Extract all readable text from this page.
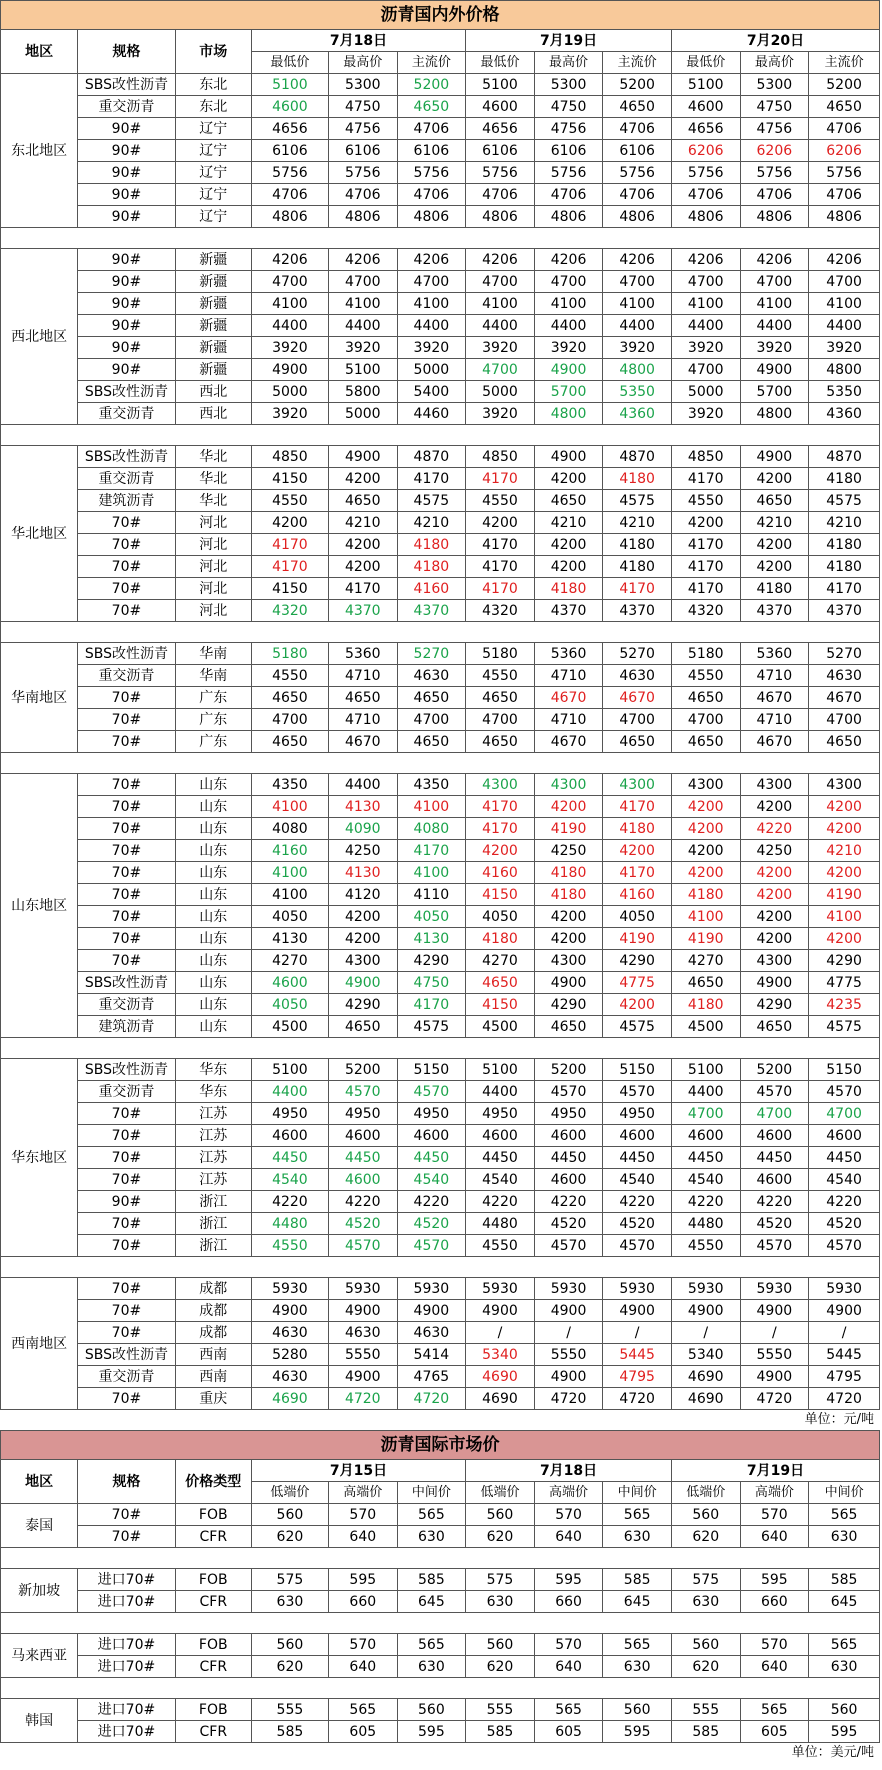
沥青国内外价格											
地区	规格	市场	7月18日			7月19日			7月20日		
			最低价	最高价	主流价	最低价	最高价	主流价	最低价	最高价	主流价
东北地区	SBS改性沥青	东北	5100	5300	5200	5100	5300	5200	5100	5300	5200
	重交沥青	东北	4600	4750	4650	4600	4750	4650	4600	4750	4650
	90#	辽宁	4656	4756	4706	4656	4756	4706	4656	4756	4706
	90#	辽宁	6106	6106	6106	6106	6106	6106	6206	6206	6206
	90#	辽宁	5756	5756	5756	5756	5756	5756	5756	5756	5756
	90#	辽宁	4706	4706	4706	4706	4706	4706	4706	4706	4706
	90#	辽宁	4806	4806	4806	4806	4806	4806	4806	4806	4806

西北地区	90#	新疆	4206	4206	4206	4206	4206	4206	4206	4206	4206
	90#	新疆	4700	4700	4700	4700	4700	4700	4700	4700	4700
	90#	新疆	4100	4100	4100	4100	4100	4100	4100	4100	4100
	90#	新疆	4400	4400	4400	4400	4400	4400	4400	4400	4400
	90#	新疆	3920	3920	3920	3920	3920	3920	3920	3920	3920
	90#	新疆	4900	5100	5000	4700	4900	4800	4700	4900	4800
	SBS改性沥青	西北	5000	5800	5400	5000	5700	5350	5000	5700	5350
	重交沥青	西北	3920	5000	4460	3920	4800	4360	3920	4800	4360

华北地区	SBS改性沥青	华北	4850	4900	4870	4850	4900	4870	4850	4900	4870
	重交沥青	华北	4150	4200	4170	4170	4200	4180	4170	4200	4180
	建筑沥青	华北	4550	4650	4575	4550	4650	4575	4550	4650	4575
	70#	河北	4200	4210	4210	4200	4210	4210	4200	4210	4210
	70#	河北	4170	4200	4180	4170	4200	4180	4170	4200	4180
	70#	河北	4170	4200	4180	4170	4200	4180	4170	4200	4180
	70#	河北	4150	4170	4160	4170	4180	4170	4170	4180	4170
	70#	河北	4320	4370	4370	4320	4370	4370	4320	4370	4370

华南地区	SBS改性沥青	华南	5180	5360	5270	5180	5360	5270	5180	5360	5270
	重交沥青	华南	4550	4710	4630	4550	4710	4630	4550	4710	4630
	70#	广东	4650	4650	4650	4650	4670	4670	4650	4670	4670
	70#	广东	4700	4710	4700	4700	4710	4700	4700	4710	4700
	70#	广东	4650	4670	4650	4650	4670	4650	4650	4670	4650

山东地区	70#	山东	4350	4400	4350	4300	4300	4300	4300	4300	4300
	70#	山东	4100	4130	4100	4170	4200	4170	4200	4200	4200
	70#	山东	4080	4090	4080	4170	4190	4180	4200	4220	4200
	70#	山东	4160	4250	4170	4200	4250	4200	4200	4250	4210
	70#	山东	4100	4130	4100	4160	4180	4170	4200	4200	4200
	70#	山东	4100	4120	4110	4150	4180	4160	4180	4200	4190
	70#	山东	4050	4200	4050	4050	4200	4050	4100	4200	4100
	70#	山东	4130	4200	4130	4180	4200	4190	4190	4200	4200
	70#	山东	4270	4300	4290	4270	4300	4290	4270	4300	4290
	SBS改性沥青	山东	4600	4900	4750	4650	4900	4775	4650	4900	4775
	重交沥青	山东	4050	4290	4170	4150	4290	4200	4180	4290	4235
	建筑沥青	山东	4500	4650	4575	4500	4650	4575	4500	4650	4575

华东地区	SBS改性沥青	华东	5100	5200	5150	5100	5200	5150	5100	5200	5150
	重交沥青	华东	4400	4570	4570	4400	4570	4570	4400	4570	4570
	70#	江苏	4950	4950	4950	4950	4950	4950	4700	4700	4700
	70#	江苏	4600	4600	4600	4600	4600	4600	4600	4600	4600
	70#	江苏	4450	4450	4450	4450	4450	4450	4450	4450	4450
	70#	江苏	4540	4600	4540	4540	4600	4540	4540	4600	4540
	90#	浙江	4220	4220	4220	4220	4220	4220	4220	4220	4220
	70#	浙江	4480	4520	4520	4480	4520	4520	4480	4520	4520
	70#	浙江	4550	4570	4570	4550	4570	4570	4550	4570	4570

西南地区	70#	成都	5930	5930	5930	5930	5930	5930	5930	5930	5930
	70#	成都	4900	4900	4900	4900	4900	4900	4900	4900	4900
	70#	成都	4630	4630	4630	/	/	/	/	/	/
	SBS改性沥青	西南	5280	5550	5414	5340	5550	5445	5340	5550	5445
	重交沥青	西南	4630	4900	4765	4690	4900	4795	4690	4900	4795
	70#	重庆	4690	4720	4720	4690	4720	4720	4690	4720	4720
单位：元/吨
沥青国际市场价											
地区	规格	价格类型	7月15日			7月18日			7月19日		
			低端价	高端价	中间价	低端价	高端价	中间价	低端价	高端价	中间价
泰国	70#	FOB	560	570	565	560	570	565	560	570	565
	70#	CFR	620	640	630	620	640	630	620	640	630

新加坡	进口70#	FOB	575	595	585	575	595	585	575	595	585
	进口70#	CFR	630	660	645	630	660	645	630	660	645

马来西亚	进口70#	FOB	560	570	565	560	570	565	560	570	565
	进口70#	CFR	620	640	630	620	640	630	620	640	630

韩国	进口70#	FOB	555	565	560	555	565	560	555	565	560
	进口70#	CFR	585	605	595	585	605	595	585	605	595
单位：美元/吨
